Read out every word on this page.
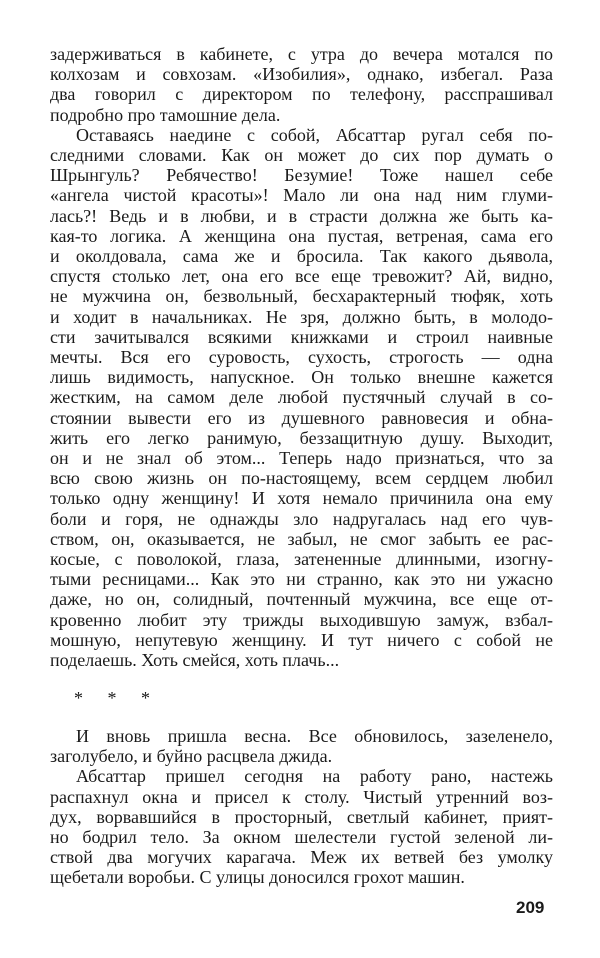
задерживаться в кабинете, с утра до вечера мотался по
колхозам и совхозам. «Изобилия», однако, избегал. Раза
два говорил с директором по телефону, расспрашивал
подробно про тамошние дела.

Оставаясь наедине с собой, Абсаттар ругал себя по-
следними словами. Как он может до сих пор думать о
Шрынгуль? Ребячество! Безумие! Тоже нашел себе
«ангела чистой красоты»! Мало ли она над ним глуми-
лась?! Ведь и в любви, и в страсти должна же быть ка-
кая-то логика. А женщина она пустая, ветреная, сама его
и околдовала, сама же и бросила. Так какого дьявола,
спустя столько лет, она его все еще тревожит? Ай, видно,
не мужчина он, безвольный, бесхарактерный тюфяк, хоть
и ходит в начальниках. Не зря, должно быть, в молодо-
сти зачитывался всякими книжками и строил наивные
мечты. Вся его суровость, сухость, строгость — одна
лишь видимость, напускное. Он только внешне кажется
жестким, на самом деле любой пустячный случай в со-
стоянии вывести его из душевного равновесия и обна-
жить его легко ранимую, беззащитную душу. Выходит,
он и не знал об этом... Теперь надо признаться, что за
всю свою жизнь он по-настоящему, всем сердцем любил
только одну женщину! И хотя немало причинила она ему
боли и горя, не однажды зло надругалась над его чув-
ством, он, оказывается, не забыл, не смог забыть ее рас-
косые, с поволокой, глаза, затененные длинными, изогну-
тыми ресницами... Как это ни странно, как это ни ужасно
даже, но он, солидный, почтенный мужчина, все еще от-
кровенно любит эту трижды выходившую замуж, взбал-
мошную, непутевую женщину. И тут ничего с собой не
поделаешь. Хоть смейся, хоть плачь...

* * *

И вновь пришла весна. Все обновилось, зазеленело,
заголубело, и буйно расцвела джида.

Абсаттар пришел сегодня на работу рано, настежь
распахнул окна и присел к столу. Чистый утренний воз-
дух, ворвавшийся в просторный, светлый кабинет, прият-
но бодрил тело. За окном шелестели густой зеленой ли-
ствой два могучих карагача. Меж их ветвей без умолку
щебетали воробьи. С улицы доносился грохот машин.

209
